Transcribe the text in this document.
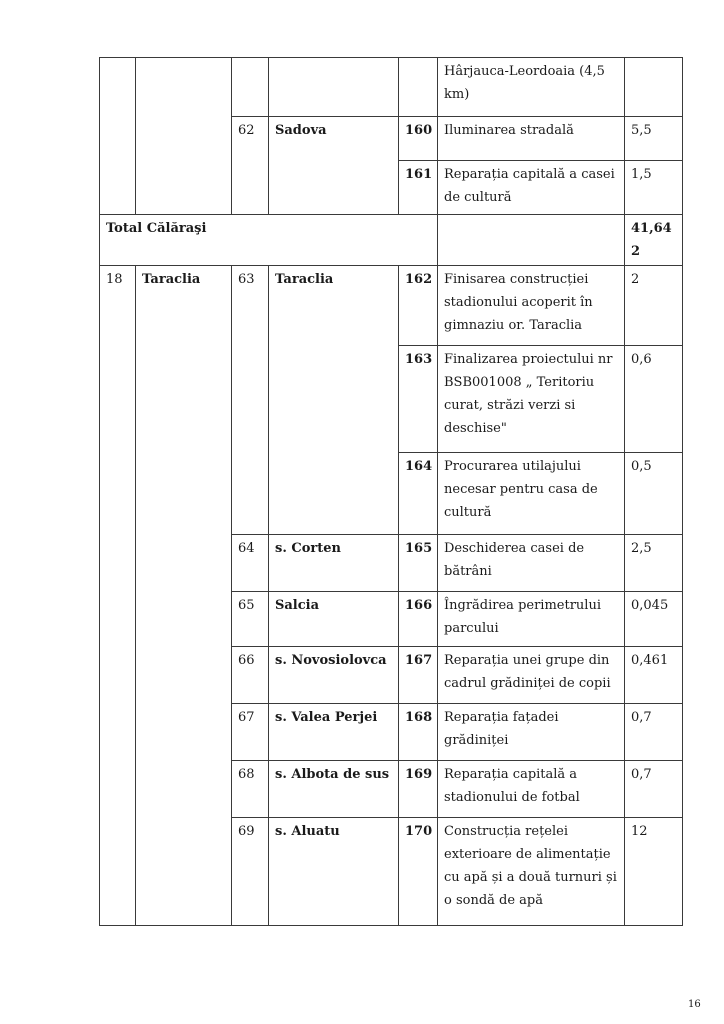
					Hârjauca-Leordoaia (4,5 km)	
		62	Sadova	160	Iluminarea stradală	5,5
				161	Reparația capitală a casei de cultură	1,5
Total Călăraşi						41,642
18	Taraclia	63	Taraclia	162	Finisarea construcției stadionului acoperit în gimnaziu or. Taraclia	2
				163	Finalizarea proiectului nr BSB001008 „ Teritoriu curat, străzi verzi si deschise"	0,6
				164	Procurarea utilajului necesar pentru casa de cultură	0,5
		64	s. Corten	165	Deschiderea casei de bătrâni	2,5
		65	Salcia	166	Îngrădirea perimetrului parcului	0,045
		66	s. Novosiolovca	167	Reparația unei grupe din cadrul grădiniței de copii	0,461
		67	s. Valea Perjei	168	Reparația fațadei grădiniței	0,7
		68	s. Albota de sus	169	Reparația capitală a stadionului de fotbal	0,7
		69	s. Aluatu	170	Construcția rețelei exterioare de alimentație cu apă și a două turnuri și o sondă de apă	12
16
